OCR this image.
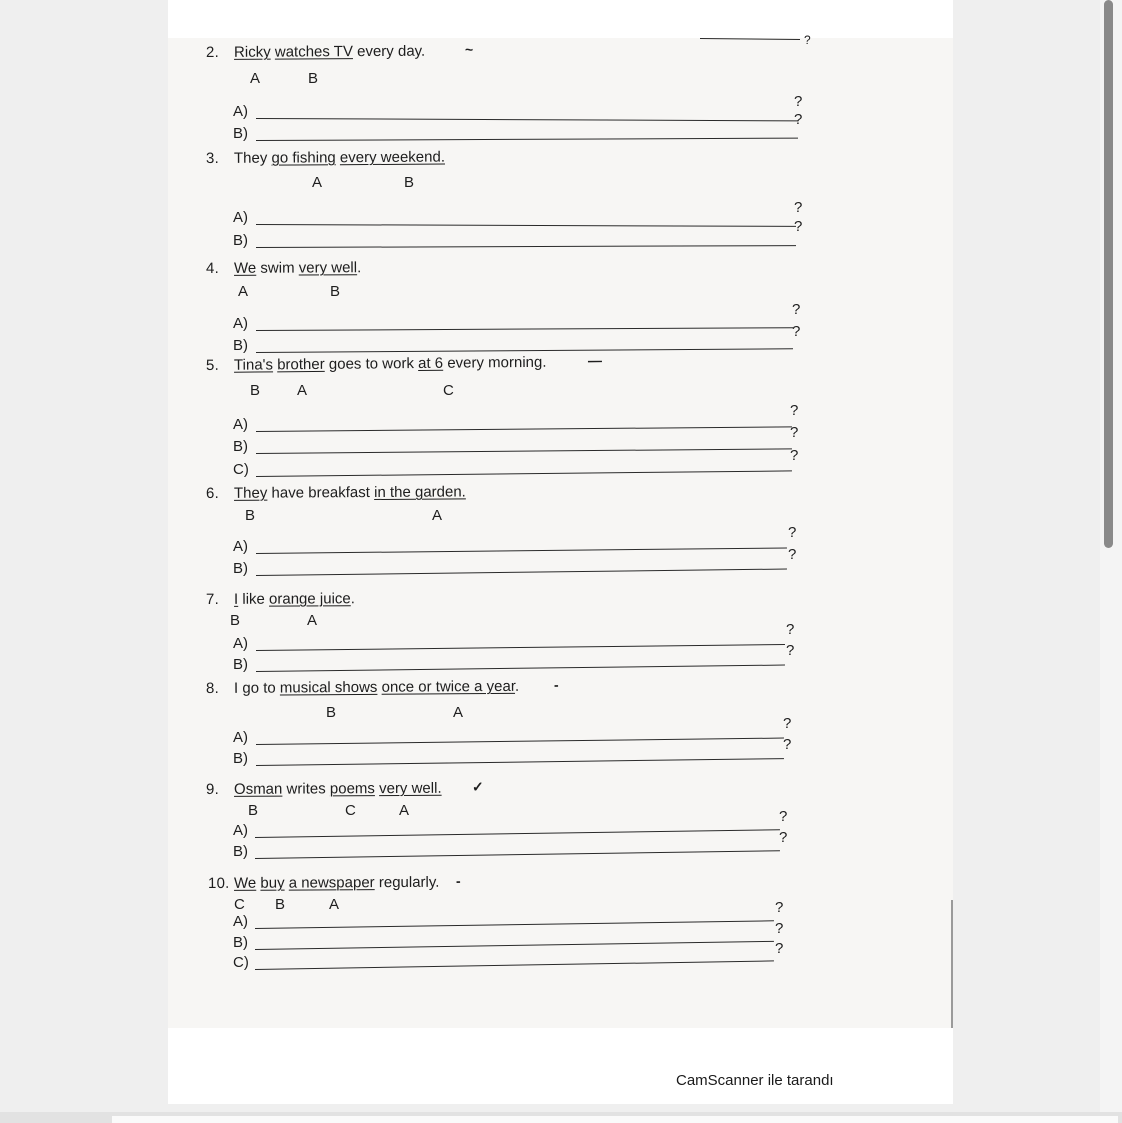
?
2. Ricky watches TV every day.	~
A	B
A)
?
B)
?
3. They go fishing every weekend.
A	B
A)
?
B)
?
4. We swim very well.
A	B
A)
?
B)
?
5. Tina's brother goes to work at 6 every morning.	—
B A	C
A)
?
B)
?
C)
?
6. They have breakfast in the garden.
B	A
A)
?
B)
?
7. I like orange juice.
B	A
A)
?
B)
?
8. I go to musical shows once or twice a year. -
B	A
A)
?
B)
?
9. Osman writes poems very well. ✓
B	C	A
A)
?
B)
?
10. We buy a newspaper regularly. -
C B	A
A)
?
B)
?
C)
?
CamScanner ile tarandı
